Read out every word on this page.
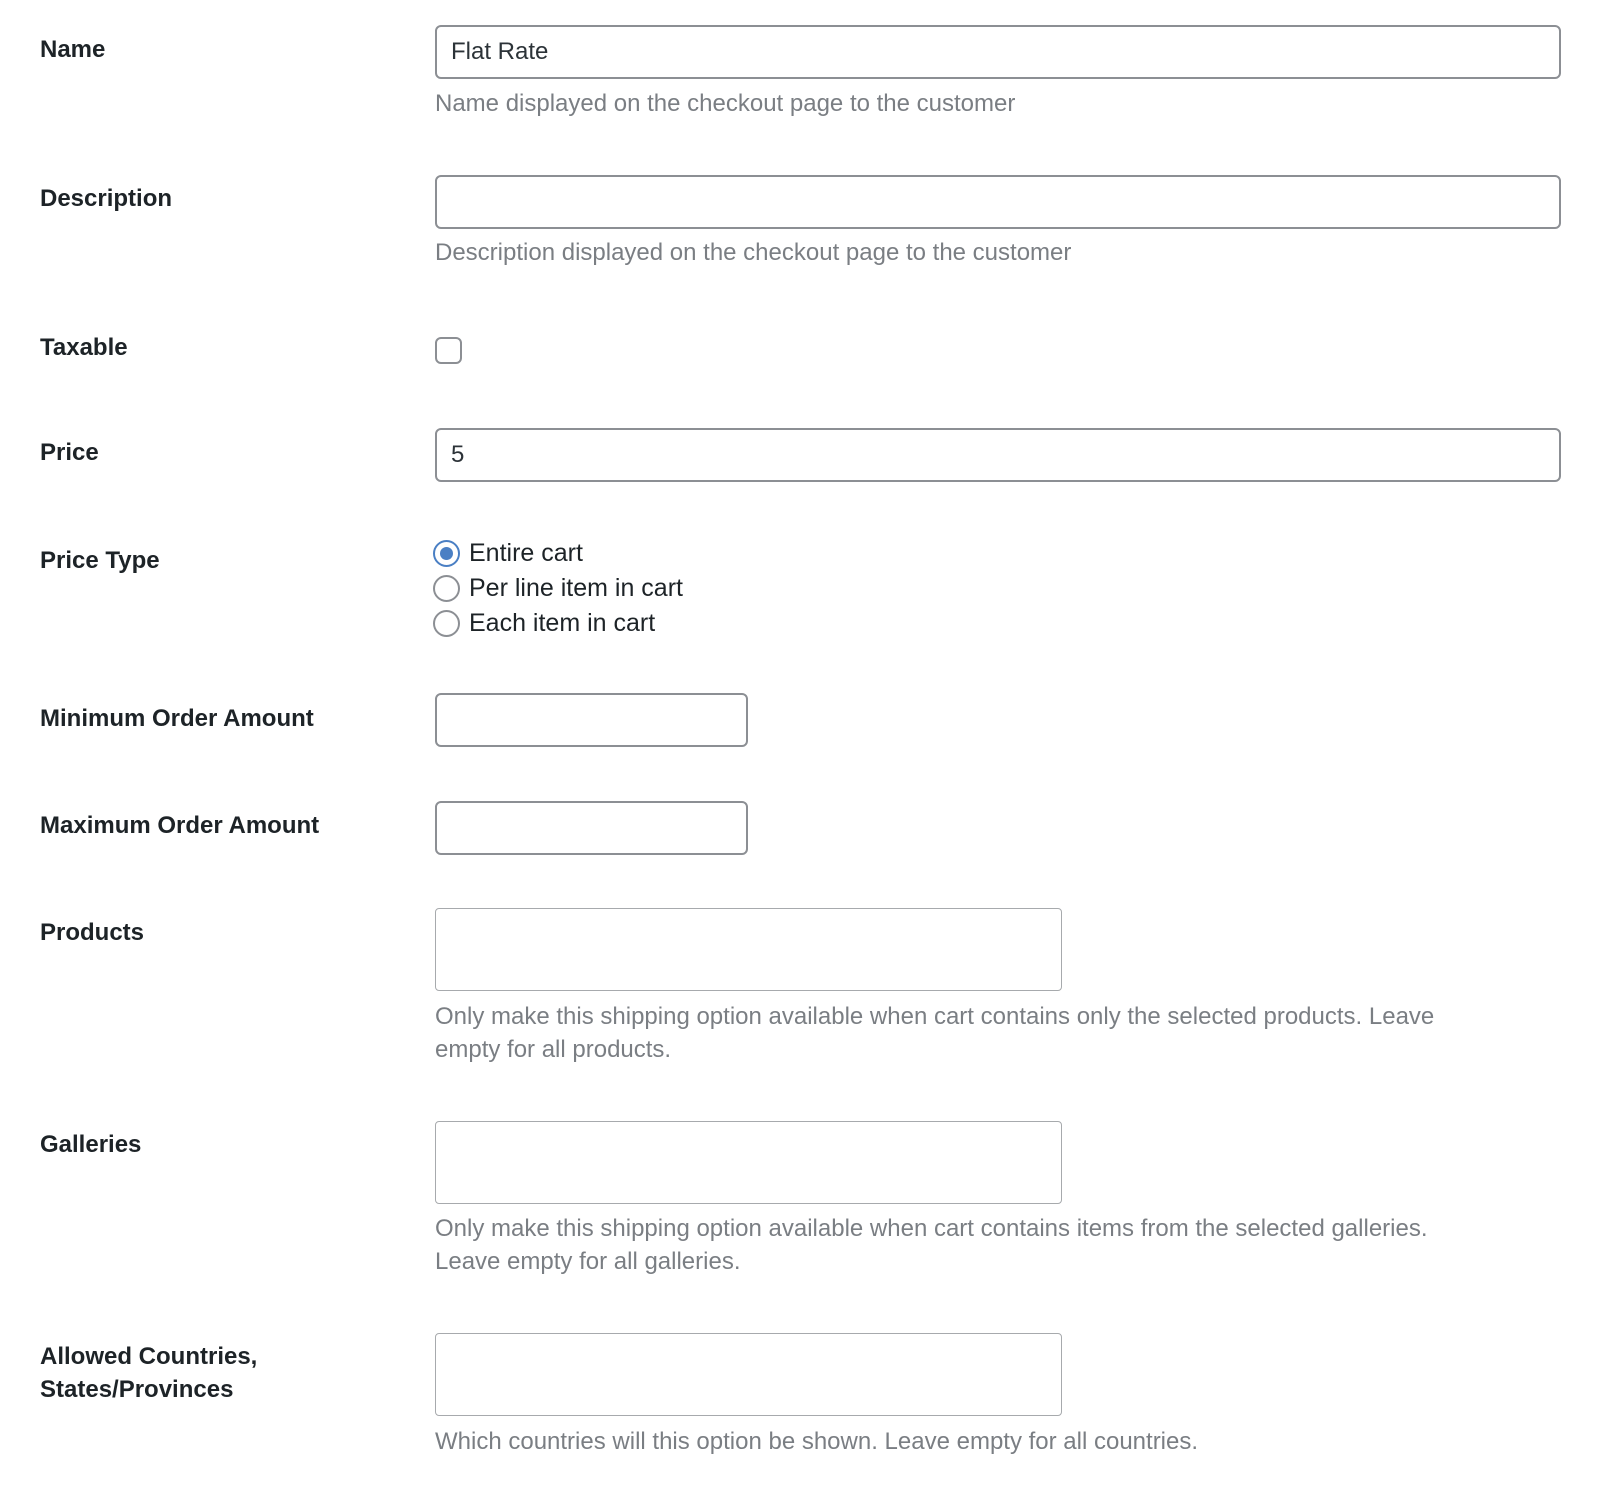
Name
Flat Rate
Name displayed on the checkout page to the customer
Description
Description displayed on the checkout page to the customer
Taxable
Price
5
Price Type	Entire cart
Per line item in cart
Each item in cart
Minimum Order Amount
Maximum Order Amount
Products
Only make this shipping option available when cart contains only the selected products. Leave
empty for all products.
Galleries
Only make this shipping option available when cart contains items from the selected galleries.
Leave empty for all galleries.
Allowed Countries,
States/Provinces
Which countries will this option be shown. Leave empty for all countries.
